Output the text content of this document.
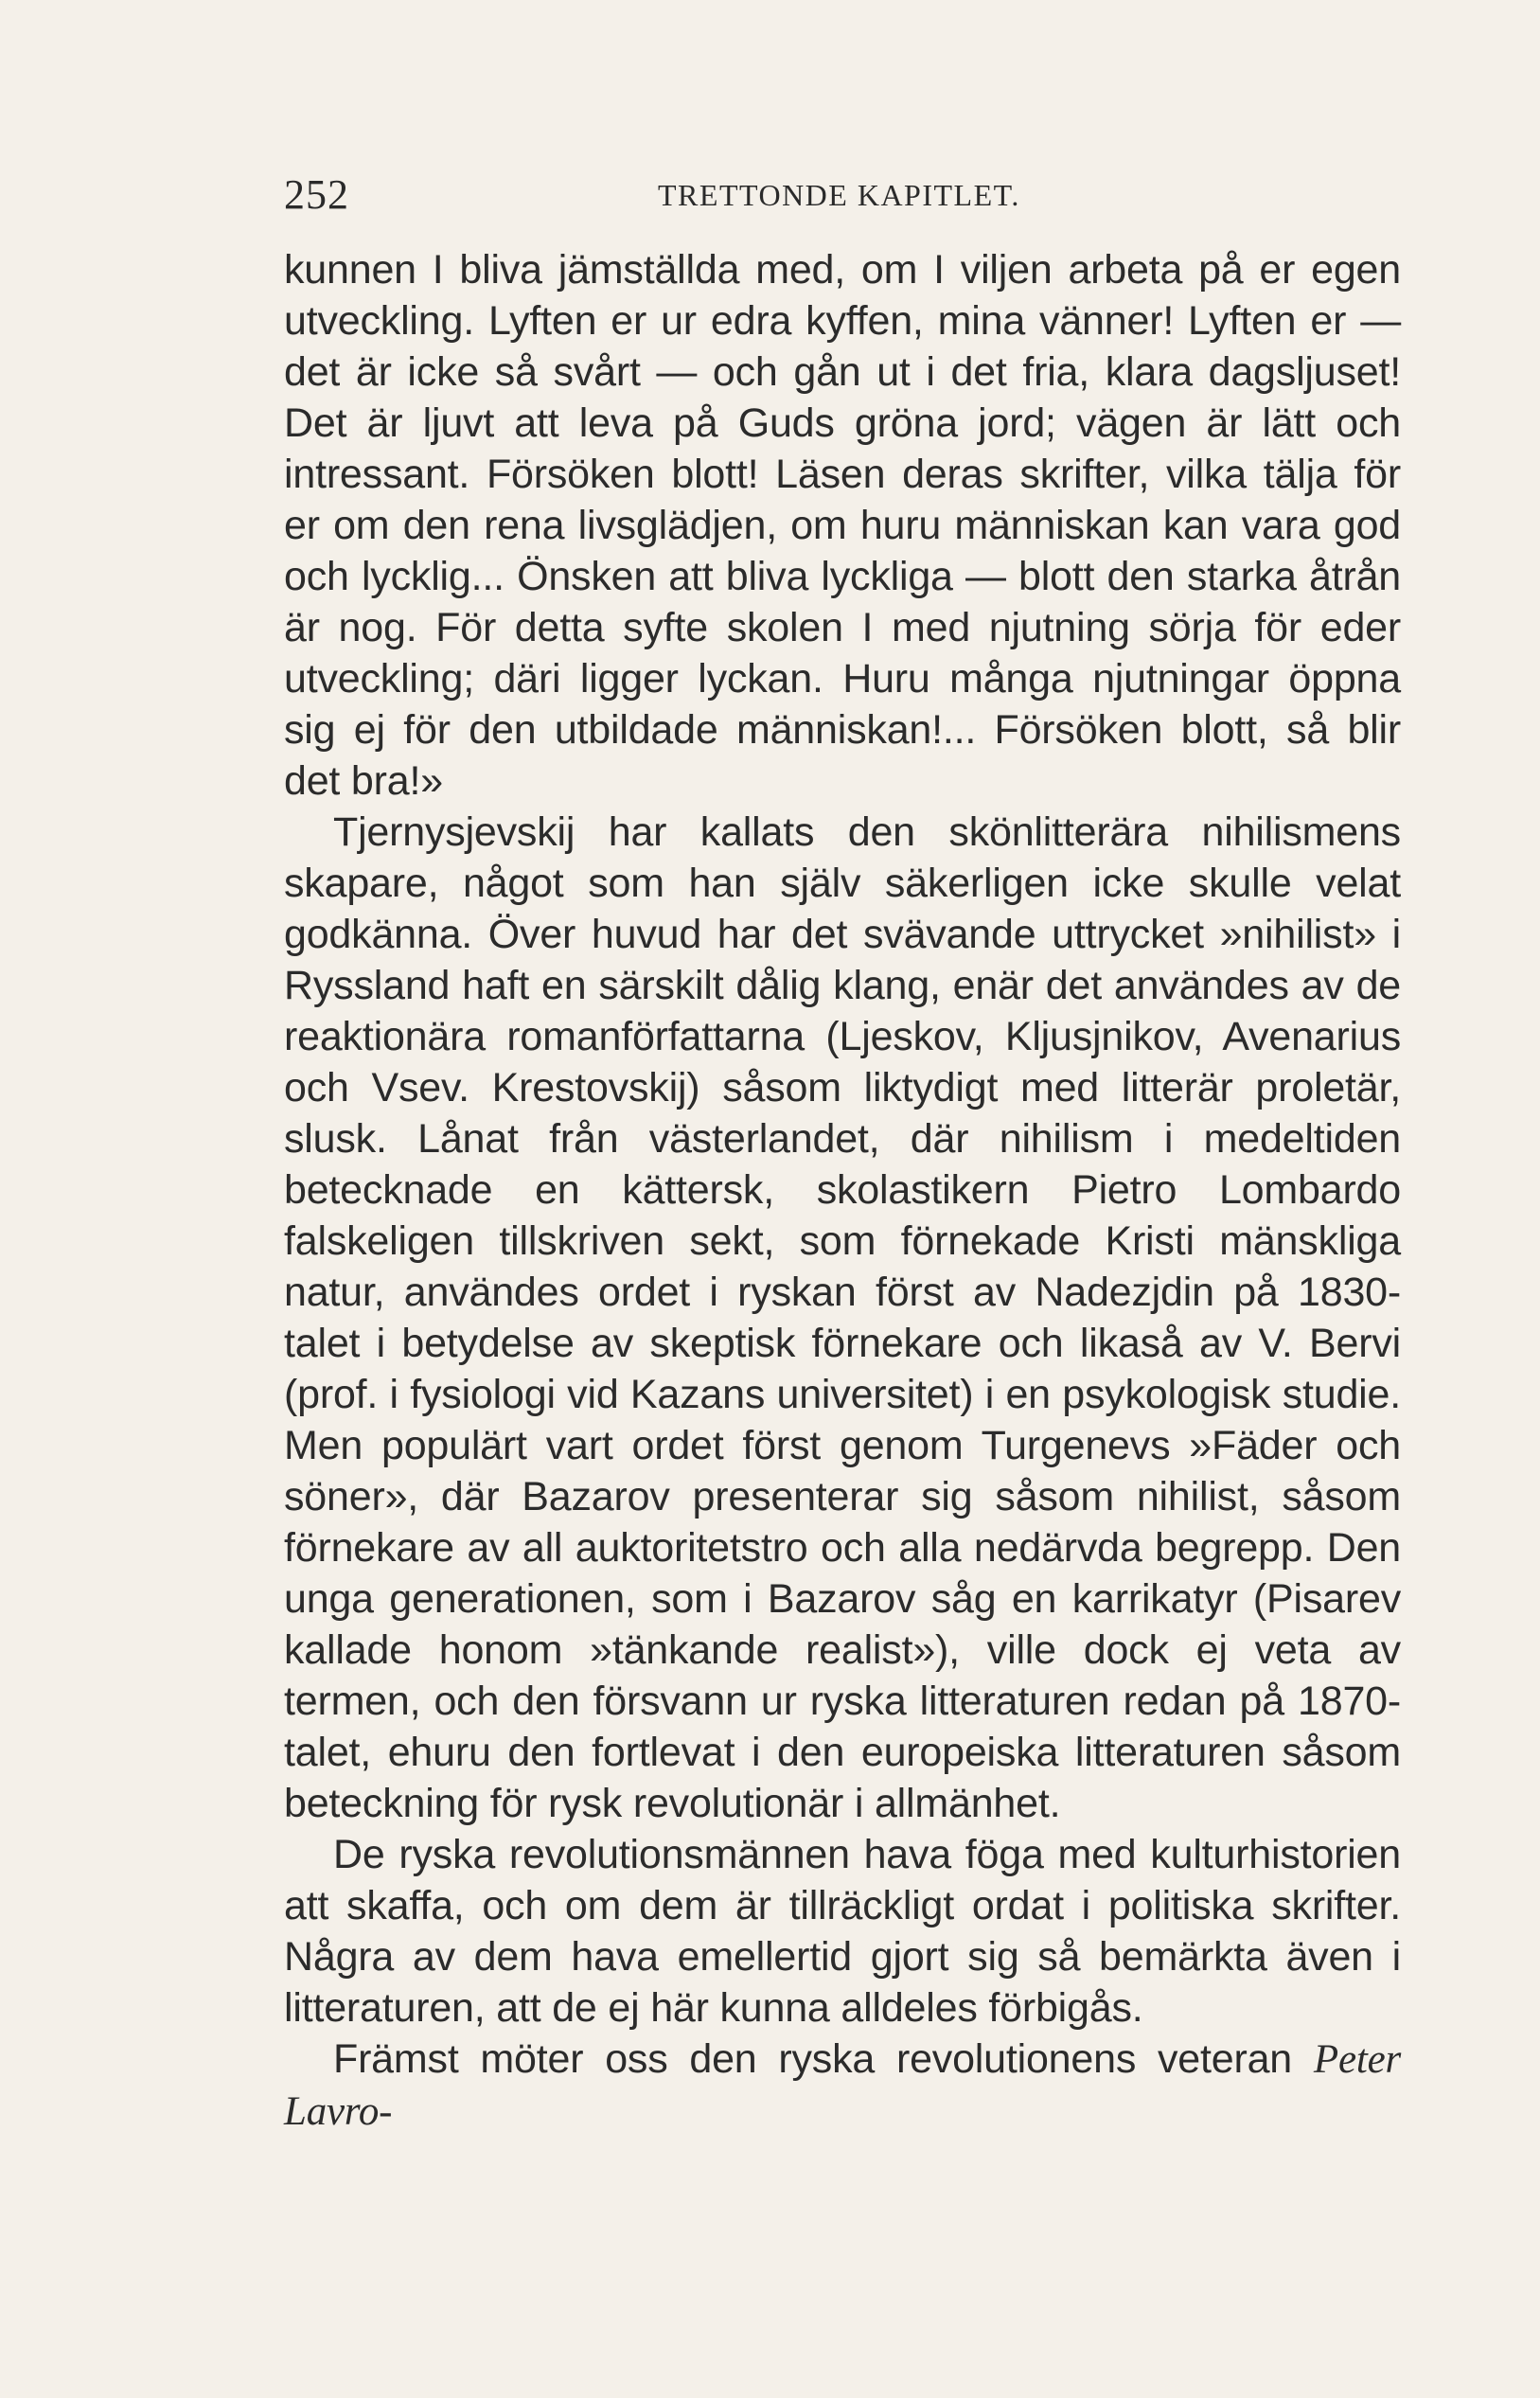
252	TRETTONDE KAPITLET.

kunnen I bliva jämställda med, om I viljen arbeta på er egen utveckling. Lyften er ur edra kyffen, mina vänner! Lyften er — det är icke så svårt — och gån ut i det fria, klara dagsljuset! Det är ljuvt att leva på Guds gröna jord; vägen är lätt och intressant. Försöken blott! Läsen deras skrifter, vilka tälja för er om den rena livsglädjen, om huru människan kan vara god och lycklig... Önsken att bliva lyckliga — blott den starka åtrån är nog. För detta syfte skolen I med njutning sörja för eder utveckling; däri ligger lyckan. Huru många njutningar öppna sig ej för den utbildade människan!... Försöken blott, så blir det bra!»

Tjernysjevskij har kallats den skönlitterära nihilismens skapare, något som han själv säkerligen icke skulle velat godkänna. Över huvud har det svävande uttrycket »nihilist» i Ryssland haft en särskilt dålig klang, enär det användes av de reaktionära romanförfattarna (Ljeskov, Kljusjnikov, Avenarius och Vsev. Krestovskij) såsom liktydigt med litterär proletär, slusk. Lånat från västerlandet, där nihilism i medeltiden betecknade en kättersk, skolastikern Pietro Lombardo falskeligen tillskriven sekt, som förnekade Kristi mänskliga natur, användes ordet i ryskan först av Nadezjdin på 1830-talet i betydelse av skeptisk förnekare och likaså av V. Bervi (prof. i fysiologi vid Kazans universitet) i en psykologisk studie. Men populärt vart ordet först genom Turgenevs »Fäder och söner», där Bazarov presenterar sig såsom nihilist, såsom förnekare av all auktoritetstro och alla nedärvda begrepp. Den unga generationen, som i Bazarov såg en karrikatyr (Pisarev kallade honom »tänkande realist»), ville dock ej veta av termen, och den försvann ur ryska litteraturen redan på 1870-talet, ehuru den fortlevat i den europeiska litteraturen såsom beteckning för rysk revolutionär i allmänhet.

De ryska revolutionsmännen hava föga med kulturhistorien att skaffa, och om dem är tillräckligt ordat i politiska skrifter. Några av dem hava emellertid gjort sig så bemärkta även i litteraturen, att de ej här kunna alldeles förbigås.

Främst möter oss den ryska revolutionens veteran Peter Lavro-
